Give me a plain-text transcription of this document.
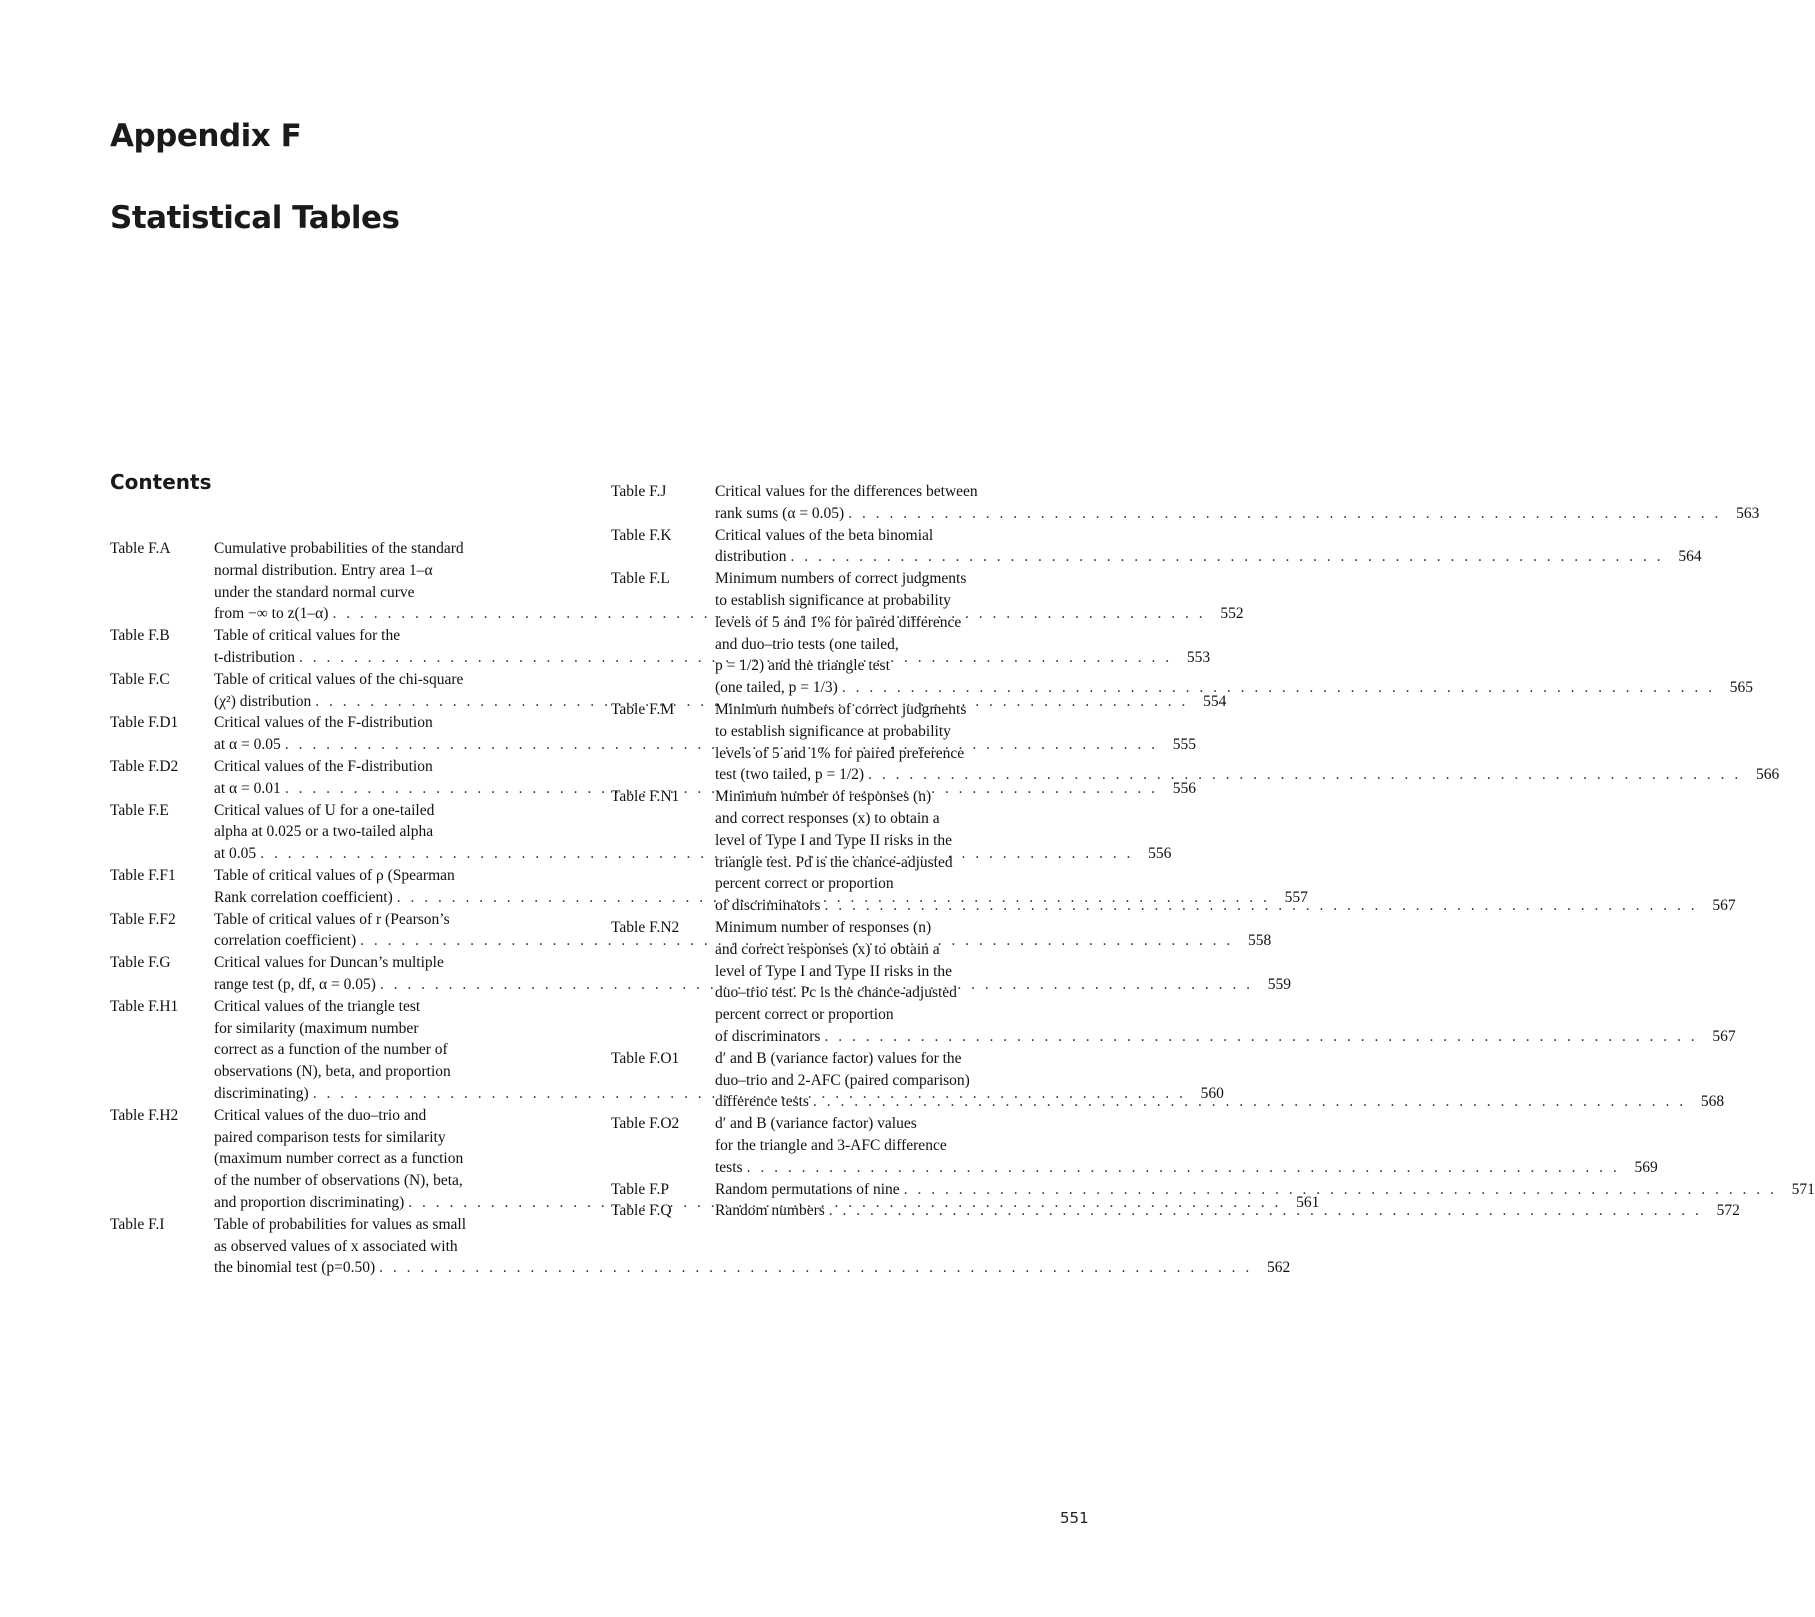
Appendix F
Statistical Tables
Contents
Table F.A	Cumulative probabilities of the standard
normal distribution. Entry area 1–α
under the standard normal curve
from −∞ to z(1–α) . . .	552
Table F.B	Table of critical values for the
t-distribution . . .	553
Table F.C	Table of critical values of the chi-square
(χ²) distribution . . .	554
Table F.D1	Critical values of the F-distribution
at α = 0.05 . . .	555
Table F.D2	Critical values of the F-distribution
at α = 0.01 . . .	556
Table F.E	Critical values of U for a one-tailed
alpha at 0.025 or a two-tailed alpha
at 0.05 . . .	556
Table F.F1	Table of critical values of ρ (Spearman
Rank correlation coefficient) . . .	557
Table F.F2	Table of critical values of r (Pearson’s
correlation coefficient) . . .	558
Table F.G	Critical values for Duncan’s multiple
range test (p, df, α = 0.05) . . .	559
Table F.H1	Critical values of the triangle test
for similarity (maximum number
correct as a function of the number of
observations (N), beta, and proportion
discriminating) . . .	560
Table F.H2	Critical values of the duo–trio and
paired comparison tests for similarity
(maximum number correct as a function
of the number of observations (N), beta,
and proportion discriminating) . . .	561
Table F.I	Table of probabilities for values as small
as observed values of x associated with
the binomial test (p=0.50) . . .	562
Table F.J	Critical values for the differences between
rank sums (α = 0.05) . . .	563
Table F.K	Critical values of the beta binomial
distribution . . .	564
Table F.L	Minimum numbers of correct judgments
to establish significance at probability
levels of 5 and 1% for paired difference
and duo–trio tests (one tailed,
p = 1/2) and the triangle test
(one tailed, p = 1/3) . . .	565
Table F.M	Minimum numbers of correct judgments
to establish significance at probability
levels of 5 and 1% for paired preference
test (two tailed, p = 1/2) . . .	566
Table F.N1	Minimum number of responses (n)
and correct responses (x) to obtain a
level of Type I and Type II risks in the
triangle test. Pd is the chance-adjusted
percent correct or proportion
of discriminators . . .	567
Table F.N2	Minimum number of responses (n)
and correct responses (x) to obtain a
level of Type I and Type II risks in the
duo–trio test. Pc is the chance-adjusted
percent correct or proportion
of discriminators . . .	567
Table F.O1	d′ and B (variance factor) values for the
duo–trio and 2-AFC (paired comparison)
difference tests . . .	568
Table F.O2	d′ and B (variance factor) values
for the triangle and 3-AFC difference
tests . . .	569
Table F.P	Random permutations of nine . . .	571
Table F.Q	Random numbers . . .	572
551
